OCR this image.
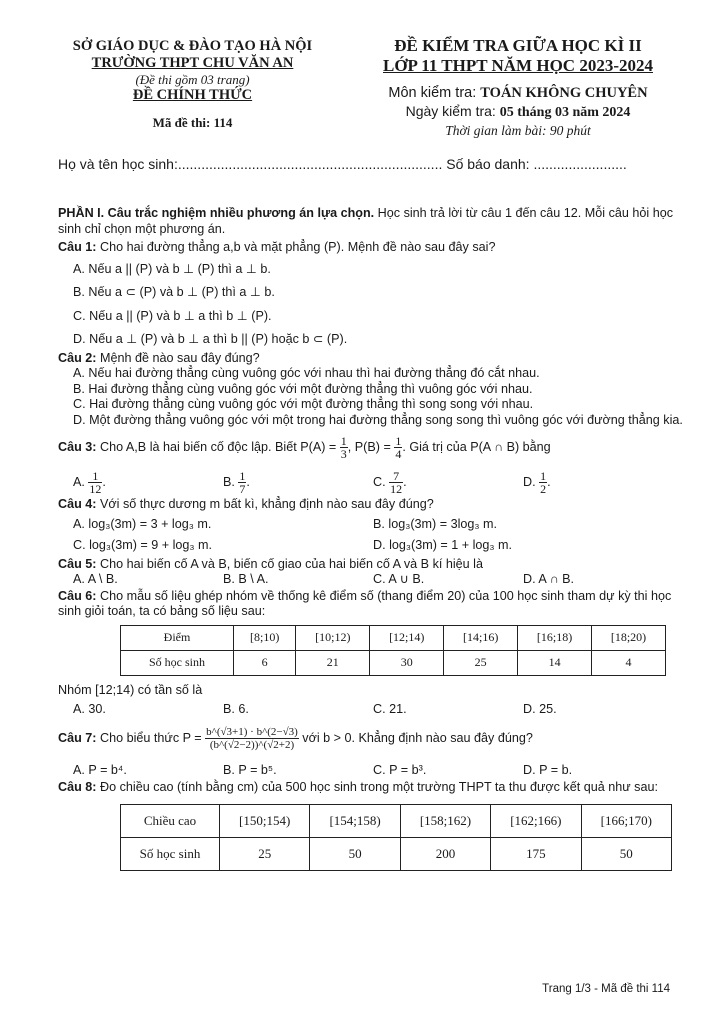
SỞ GIÁO DỤC & ĐÀO TẠO HÀ NỘI
TRƯỜNG THPT CHU VĂN AN
(Đề thi gồm 03 trang)
ĐỀ CHÍNH THỨC
Mã đề thi: 114
ĐỀ KIỂM TRA GIỮA HỌC KÌ II
LỚP 11 THPT NĂM HỌC 2023-2024
Môn kiểm tra: TOÁN KHÔNG CHUYÊN
Ngày kiểm tra: 05 tháng 03 năm 2024
Thời gian làm bài: 90 phút
Họ và tên học sinh:.................................................................... Số báo danh: ........................

PHẦN I. Câu trắc nghiệm nhiều phương án lựa chọn. Học sinh trả lời từ câu 1 đến câu 12. Mỗi câu hỏi học sinh chỉ chọn một phương án.

Câu 1: Cho hai đường thẳng a,b và mặt phẳng (P). Mệnh đề nào sau đây sai?

A. Nếu a || (P) và b ⊥ (P) thì a ⊥ b.

B. Nếu a ⊂ (P) và b ⊥ (P) thì a ⊥ b.

C. Nếu a || (P) và b ⊥ a thì b ⊥ (P).

D. Nếu a ⊥ (P) và b ⊥ a thì b || (P) hoặc b ⊂ (P).

Câu 2: Mệnh đề nào sau đây đúng?

A. Nếu hai đường thẳng cùng vuông góc với nhau thì hai đường thẳng đó cắt nhau.

B. Hai đường thẳng cùng vuông góc với một đường thẳng thì vuông góc với nhau.

C. Hai đường thẳng cùng vuông góc với một đường thẳng thì song song với nhau.

D. Một đường thẳng vuông góc với một trong hai đường thẳng song song thì vuông góc với đường thẳng kia.

Câu 3: Cho A,B là hai biến cố độc lập. Biết $P(A) = \frac{1}{3}$ , $P(B) = \frac{1}{4}$ . Giá trị của P(A ∩ B) bằng

A. $\frac{1}{12}$ .	B. $\frac{1}{7}$ .	C. $\frac{7}{12}$ .	D. $\frac{1}{2}$ .

Câu 4: Với số thực dương m bất kì, khẳng định nào sau đây đúng?

A. log₃(3m) = 3 + log₃ m.	B. log₃(3m) = 3log₃ m.
C. log₃(3m) = 9 + log₃ m.	D. log₃(3m) = 1 + log₃ m.

Câu 5: Cho hai biến cố A và B, biến cố giao của hai biến cố A và B kí hiệu là

A. A \ B.	B. B \ A.	C. A ∪ B.	D. A ∩ B.

Câu 6: Cho mẫu số liệu ghép nhóm về thống kê điểm số (thang điểm 20) của 100 học sinh tham dự kỳ thi học sinh giỏi toán, ta có bảng số liệu sau:

Điểm	[8;10)	[10;12)	[12;14)	[14;16)	[16;18)	[18;20)
Số học sinh	6	21	30	25	14	4

Nhóm [12;14) có tần số là

A. 30.	B. 6.	C. 21.	D. 25.

Câu 7: Cho biểu thức $P = \frac{b\^{}(√3+1) \cdot b\^{}(2-√3)}{(b\^{}(√2-2))\^{}(√2+2)}$ với b > 0. Khẳng định nào sau đây đúng?

A. P = b⁴.	B. P = b⁵.	C. P = b³.	D. P = b.

Câu 8: Đo chiều cao (tính bằng cm) của 500 học sinh trong một trường THPT ta thu được kết quả như sau:

Chiều cao	[150;154)	[154;158)	[158;162)	[162;166)	[166;170)
Số học sinh	25	50	200	175	50
Trang 1/3 - Mã đề thi 114
